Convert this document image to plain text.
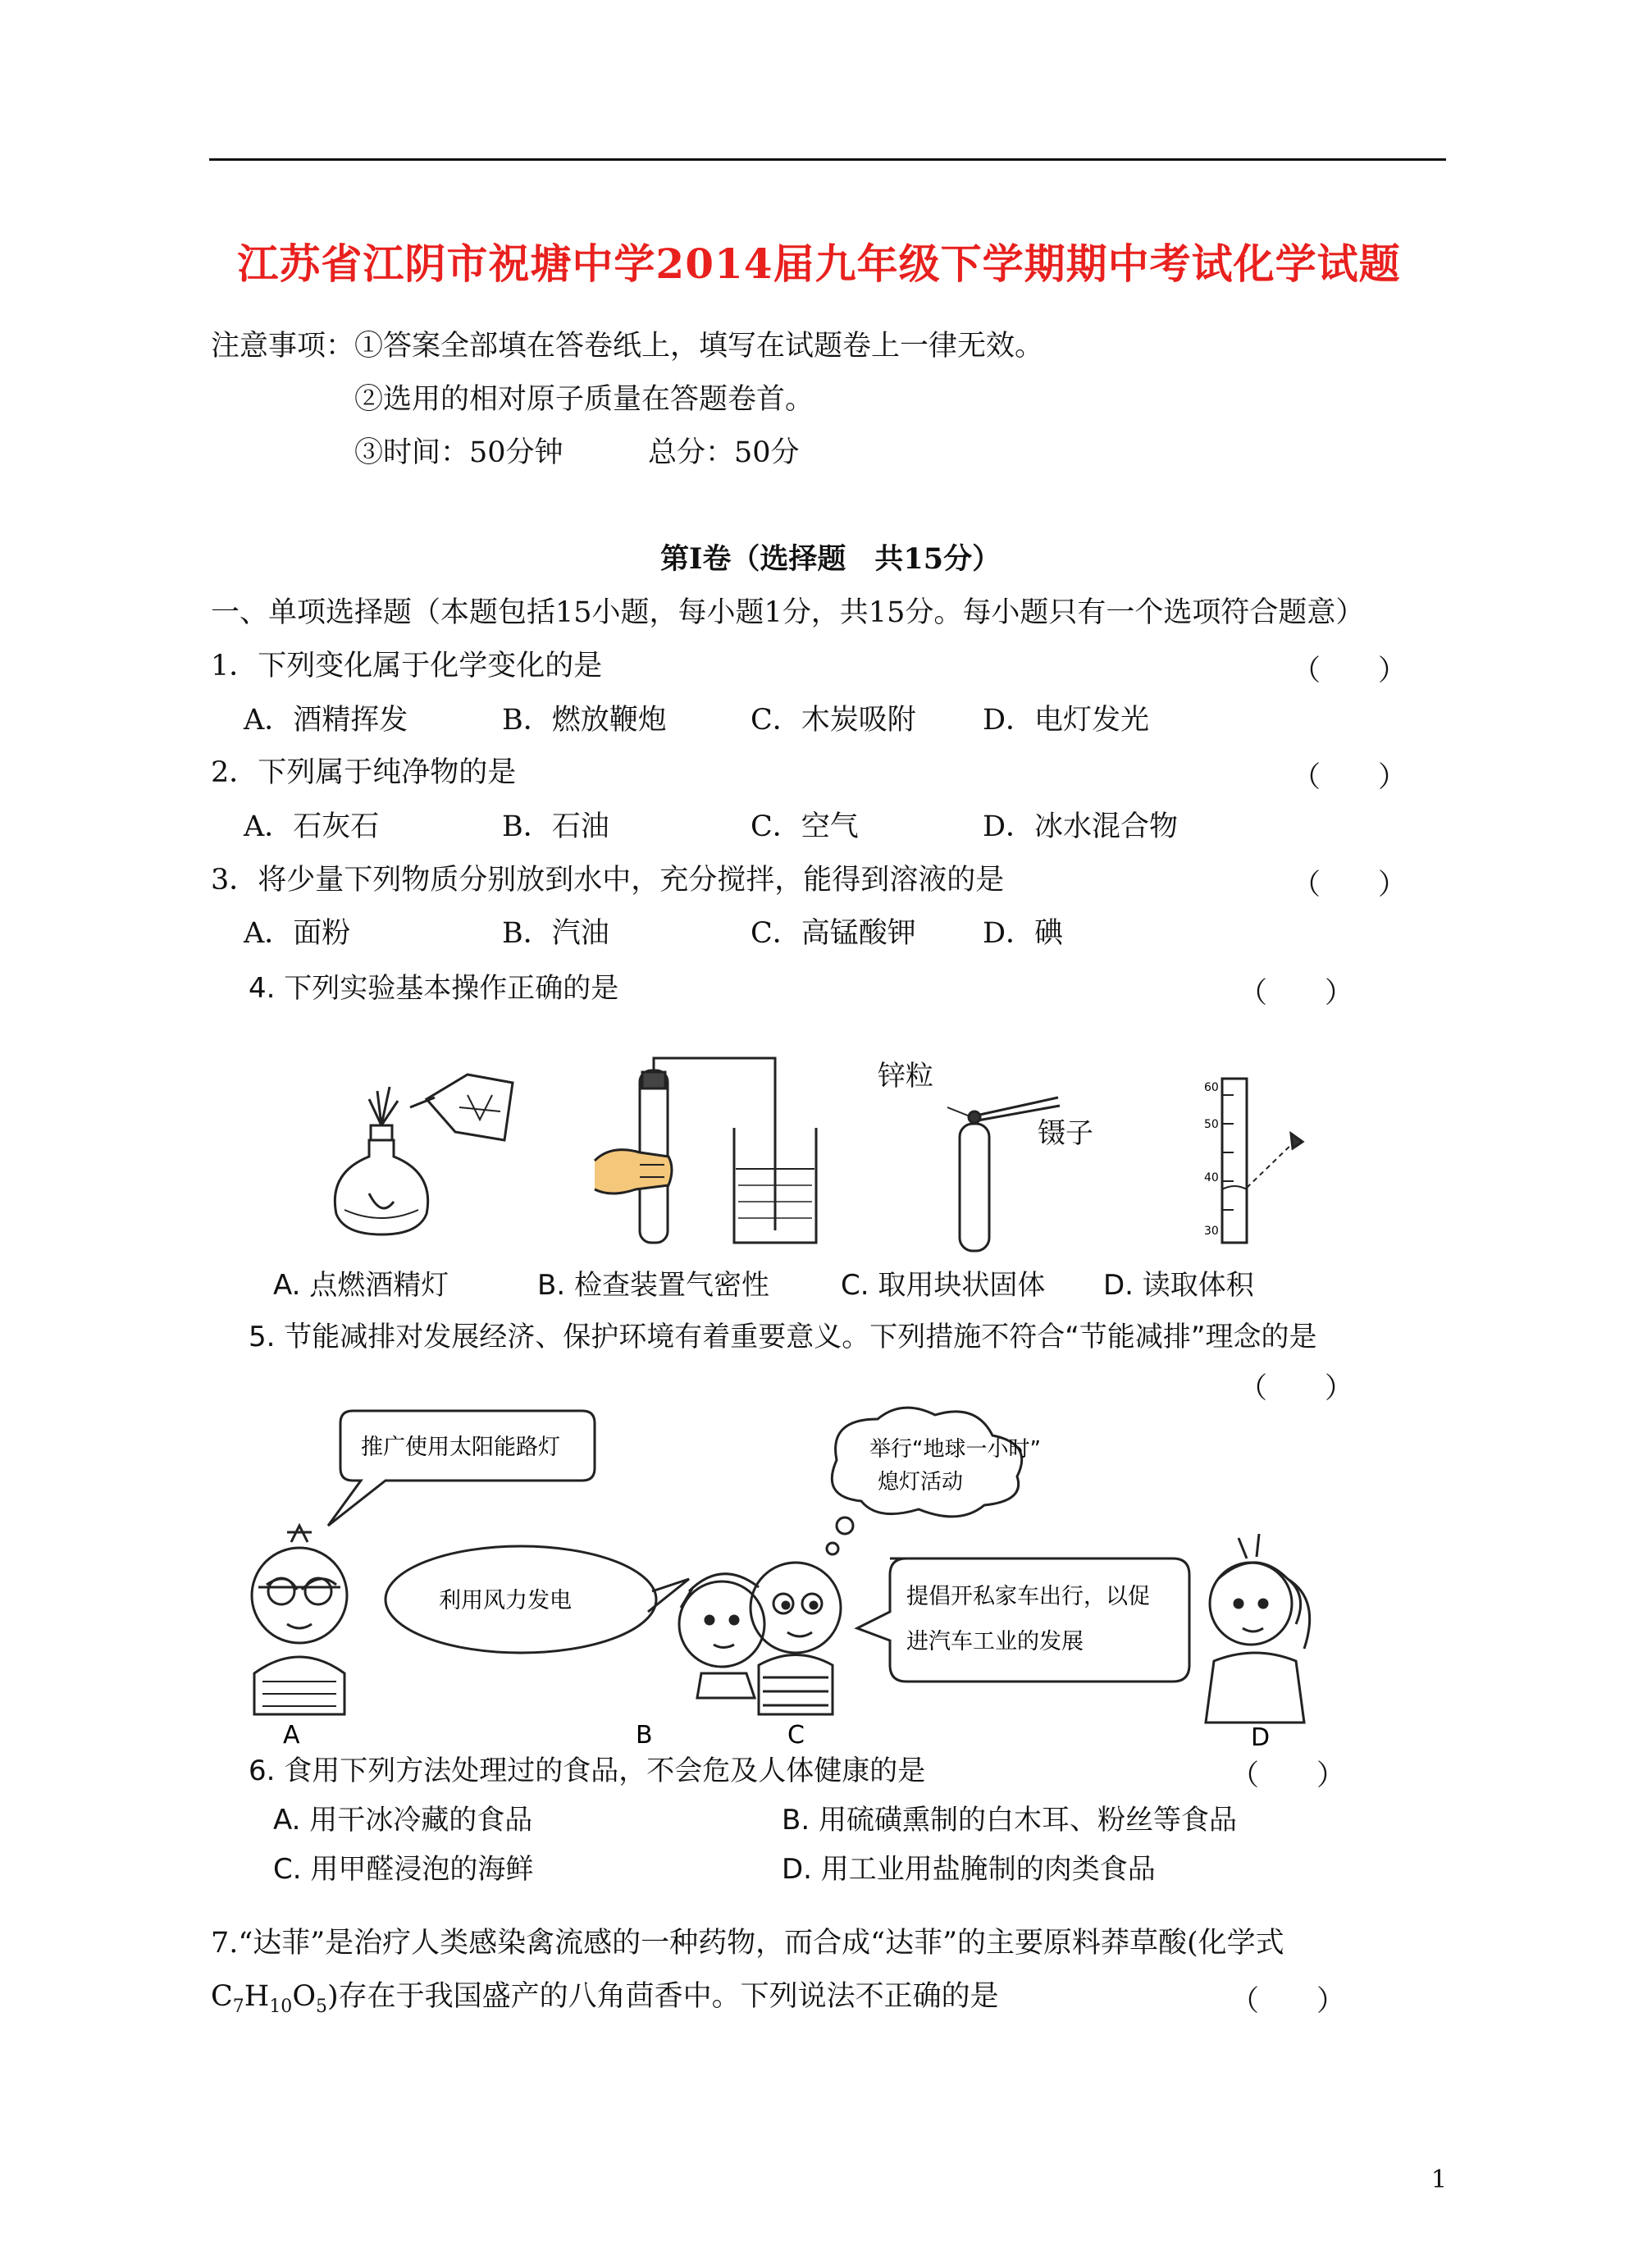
江苏省江阴市祝塘中学2014届九年级下学期期中考试化学试题
注意事项： ①答案全部填在答卷纸上，填写在试题卷上一律无效。
②选用的相对原子质量在答题卷首。
③时间：50分钟	总分：50分
第Ⅰ卷（选择题　共15分）
一、单项选择题（本题包括15小题，每小题1分，共15分。每小题只有一个选项符合题意）
1．下列变化属于化学变化的是	（　　）
A．酒精挥发	B．燃放鞭炮	C．木炭吸附 D．电灯发光
2．下列属于纯净物的是	（　　）
A．石灰石	B．石油	C．空气	D．冰水混合物
3．将少量下列物质分别放到水中，充分搅拌，能得到溶液的是	（　　）
A．面粉	B．汽油	C．高锰酸钾 D．碘
4. 下列实验基本操作正确的是	（　　）
锌粒
镊子
60
50
40
30
A. 点燃酒精灯	B. 检查装置气密性	C. 取用块状固体 D. 读取体积
5. 节能减排对发展经济、保护环境有着重要意义。下列措施不符合“节能减排”理念的是
（　　）
推广使用太阳能路灯
利用风力发电
举行“地球一小时”
熄灯活动
提倡开私家车出行，以促
进汽车工业的发展
A	B	C	D
6. 食用下列方法处理过的食品，不会危及人体健康的是	（　　）
A. 用干冰冷藏的食品	B. 用硫磺熏制的白木耳、粉丝等食品
C. 用甲醛浸泡的海鲜	D. 用工业用盐腌制的肉类食品
7.“达菲”是治疗人类感染禽流感的一种药物，而合成“达菲”的主要原料莽草酸(化学式
$C_7H_{10}O_5$)存在于我国盛产的八角茴香中。下列说法不正确的是	（　　）
1
